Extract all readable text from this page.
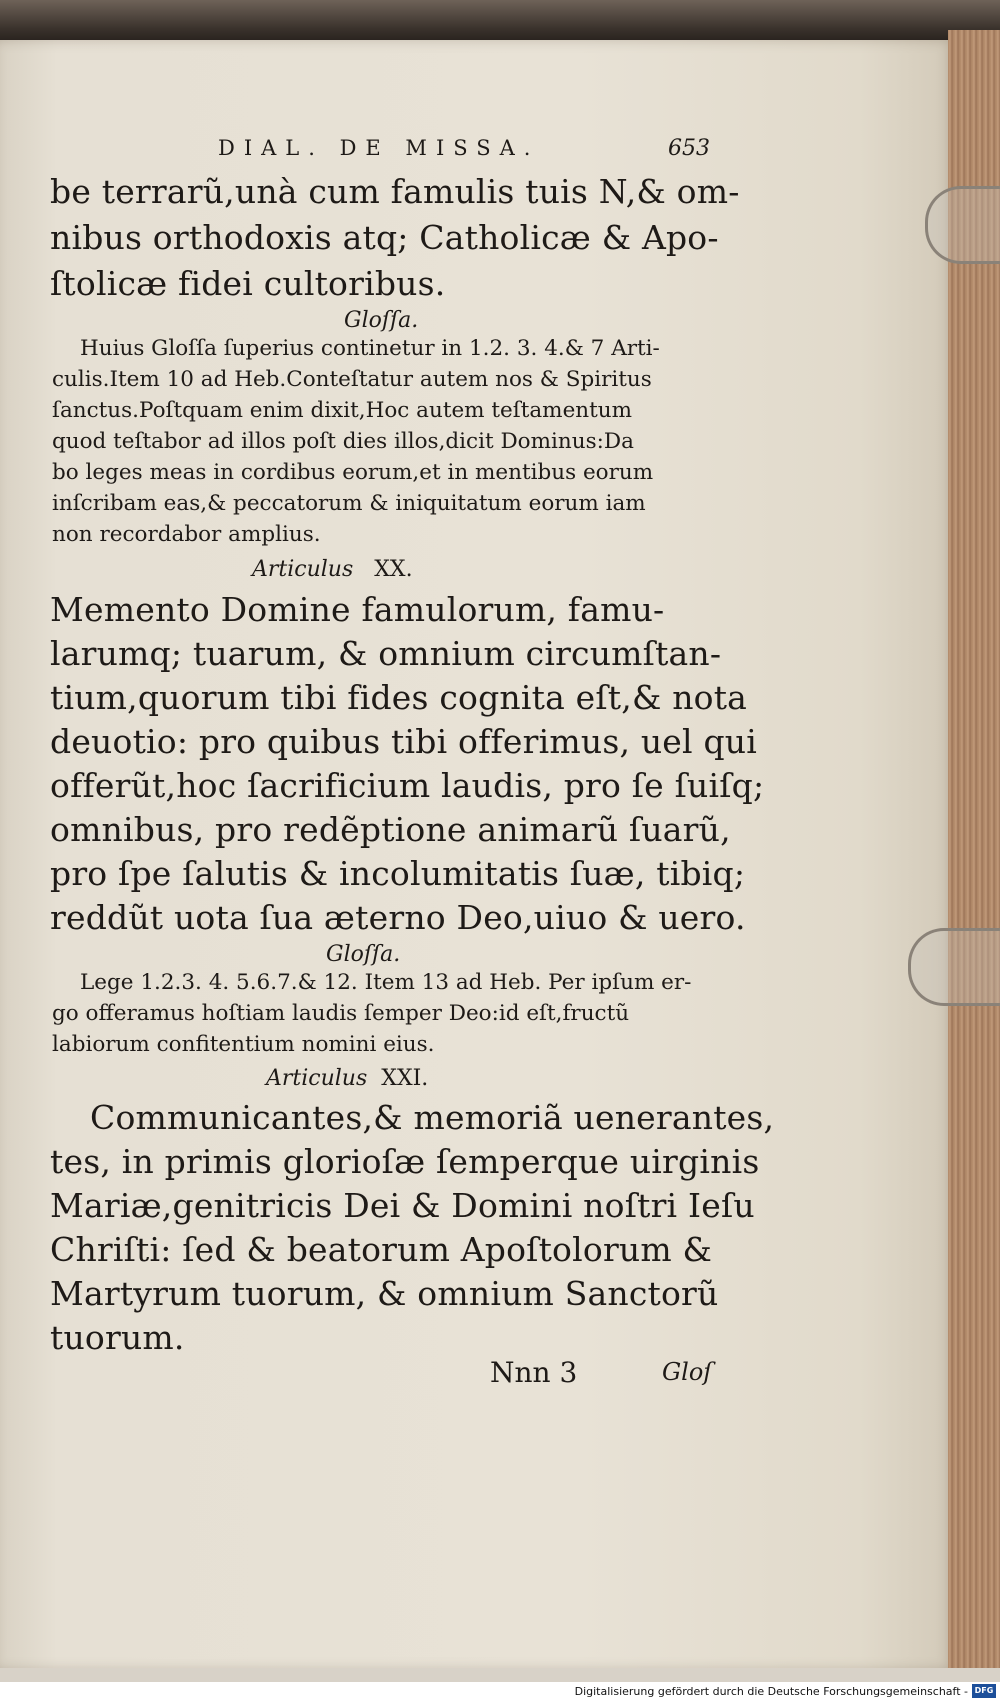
DIAL. DE MISSA.	653
be terrarũ,unà cum famulis tuis N,& om-
nibus orthodoxis atq; Catholicæ & Apo-
ſtolicæ fidei cultoribus.
Gloſſa.
Huius Gloſſa ſuperius continetur in 1.2. 3. 4.& 7 Arti-
culis.Item 10 ad Heb.Conteſtatur autem nos & Spiritus
ſanctus.Poſtquam enim dixit,Hoc autem teſtamentum
quod teſtabor ad illos poſt dies illos,dicit Dominus:Da
bo leges meas in cordibus eorum,et in mentibus eorum
inſcribam eas,& peccatorum & iniquitatum eorum iam
non recordabor amplius.
Articulus XX.
Memento Domine famulorum, famu-
larumq; tuarum, & omnium circumſtan-
tium,quorum tibi fides cognita eſt,& nota
deuotio: pro quibus tibi offerimus, uel qui
offerũt,hoc ſacrificium laudis, pro ſe ſuiſq;
omnibus, pro redẽptione animarũ ſuarũ,
pro ſpe ſalutis & incolumitatis ſuæ, tibiq;
reddũt uota ſua æterno Deo,uiuo & uero.
Gloſſa.
Lege 1.2.3. 4. 5.6.7.& 12. Item 13 ad Heb. Per ipſum er-
go offeramus hoſtiam laudis ſemper Deo:id eſt,fructũ
labiorum confitentium nomini eius.
Articulus XXI.
Communicantes,& memoriã uenerantes,
tes, in primis glorioſæ ſemperque uirginis
Mariæ,genitricis Dei & Domini noſtri Ieſu
Chriſti: ſed & beatorum Apoſtolorum &
Martyrum tuorum, & omnium Sanctorũ
tuorum.
Nnn 3	Gloſ
Digitalisierung gefördert durch die Deutsche Forschungsgemeinschaft - DFG
